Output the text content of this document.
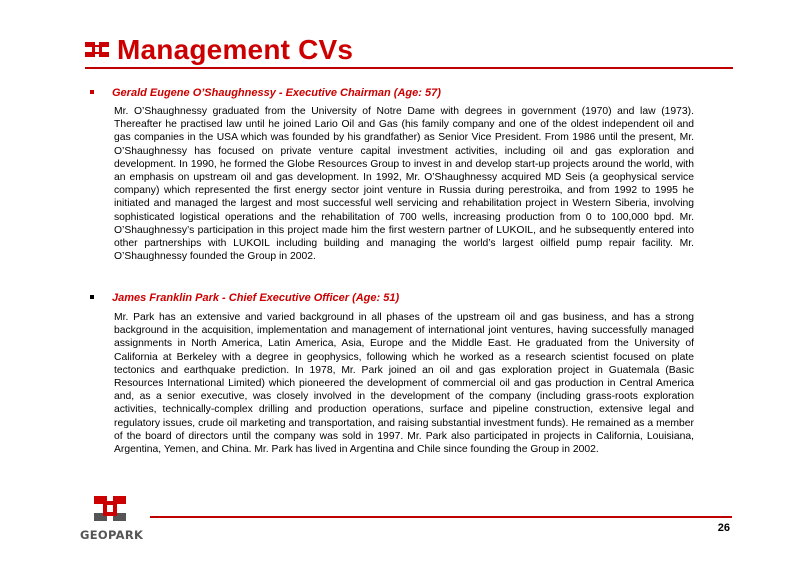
Management CVs
Gerald Eugene O’Shaughnessy - Executive Chairman (Age: 57)
Mr. O’Shaughnessy graduated from the University of Notre Dame with degrees in government (1970) and law (1973). Thereafter he practised law until he joined Lario Oil and Gas (his family company and one of the oldest independent oil and gas companies in the USA which was founded by his grandfather) as Senior Vice President. From 1986 until the present, Mr. O’Shaughnessy has focused on private venture capital investment activities, including oil and gas exploration and development. In 1990, he formed the Globe Resources Group to invest in and develop start-up projects around the world, with an emphasis on upstream oil and gas development. In 1992, Mr. O’Shaughnessy acquired MD Seis (a geophysical service company) which represented the first energy sector joint venture in Russia during perestroika, and from 1992 to 1995 he initiated and managed the largest and most successful well servicing and rehabilitation project in Western Siberia, involving sophisticated logistical operations and the rehabilitation of 700 wells, increasing production from 0 to 100,000 bpd. Mr. O’Shaughnessy’s participation in this project made him the first western partner of LUKOIL, and he subsequently entered into other partnerships with LUKOIL including building and managing the world’s largest oilfield pump repair facility. Mr. O’Shaughnessy founded the Group in 2002.
James Franklin Park - Chief Executive Officer (Age: 51)
Mr. Park has an extensive and varied background in all phases of the upstream oil and gas business, and has a strong background in the acquisition, implementation and management of international joint ventures, having successfully managed assignments in North America, Latin America, Asia, Europe and the Middle East. He graduated from the University of California at Berkeley with a degree in geophysics, following which he worked as a research scientist focused on plate tectonics and earthquake prediction. In 1978, Mr. Park joined an oil and gas exploration project in Guatemala (Basic Resources International Limited) which pioneered the development of commercial oil and gas production in Central America and, as a senior executive, was closely involved in the development of the company (including grass-roots exploration activities, technically-complex drilling and production operations, surface and pipeline construction, extensive legal and regulatory issues, crude oil marketing and transportation, and raising substantial investment funds). He remained as a member of the board of directors until the company was sold in 1997. Mr. Park also participated in projects in California, Louisiana, Argentina, Yemen, and China. Mr. Park has lived in Argentina and Chile since founding the Group in 2002.
GEOPARK	26
